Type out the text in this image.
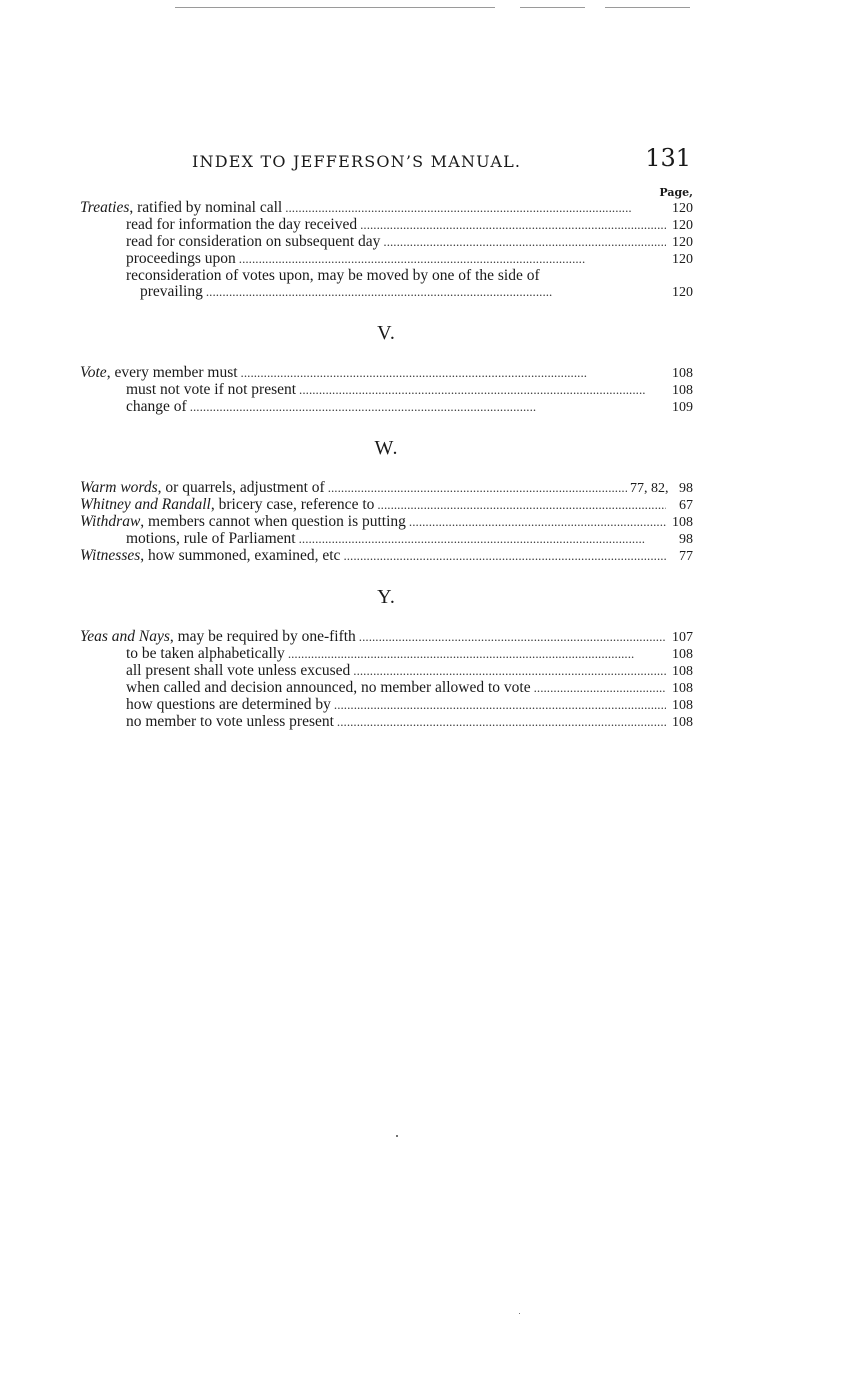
INDEX TO JEFFERSON’S MANUAL.	131
Page,
Treaties , ratified by nominal call . . .	120
read for information the day received . . .	120
read for consideration on subsequent day . . .	120
proceedings upon . . .	120
reconsideration of votes upon, may be moved by one of the side of
prevailing . . .	120
V.
Vote , every member must . . .	108
must not vote if not present . . .	108
change of . . .	109
W.
Warm words , or quarrels, adjustment of . . .	77, 82,   98
Whitney and Randall , bricery case, reference to . . .	67
Withdraw , members cannot when question is putting . . .	108
motions, rule of Parliament . . .	98
Witnesses , how summoned, examined, etc . . .	77
Y.
Yeas and Nays , may be required by one-fifth . . .	107
to be taken alphabetically . . .	108
all present shall vote unless excused . . .	108
when called and decision announced, no member allowed to vote . . .	108
how questions are determined by . . .	108
no member to vote unless present . . .	108
